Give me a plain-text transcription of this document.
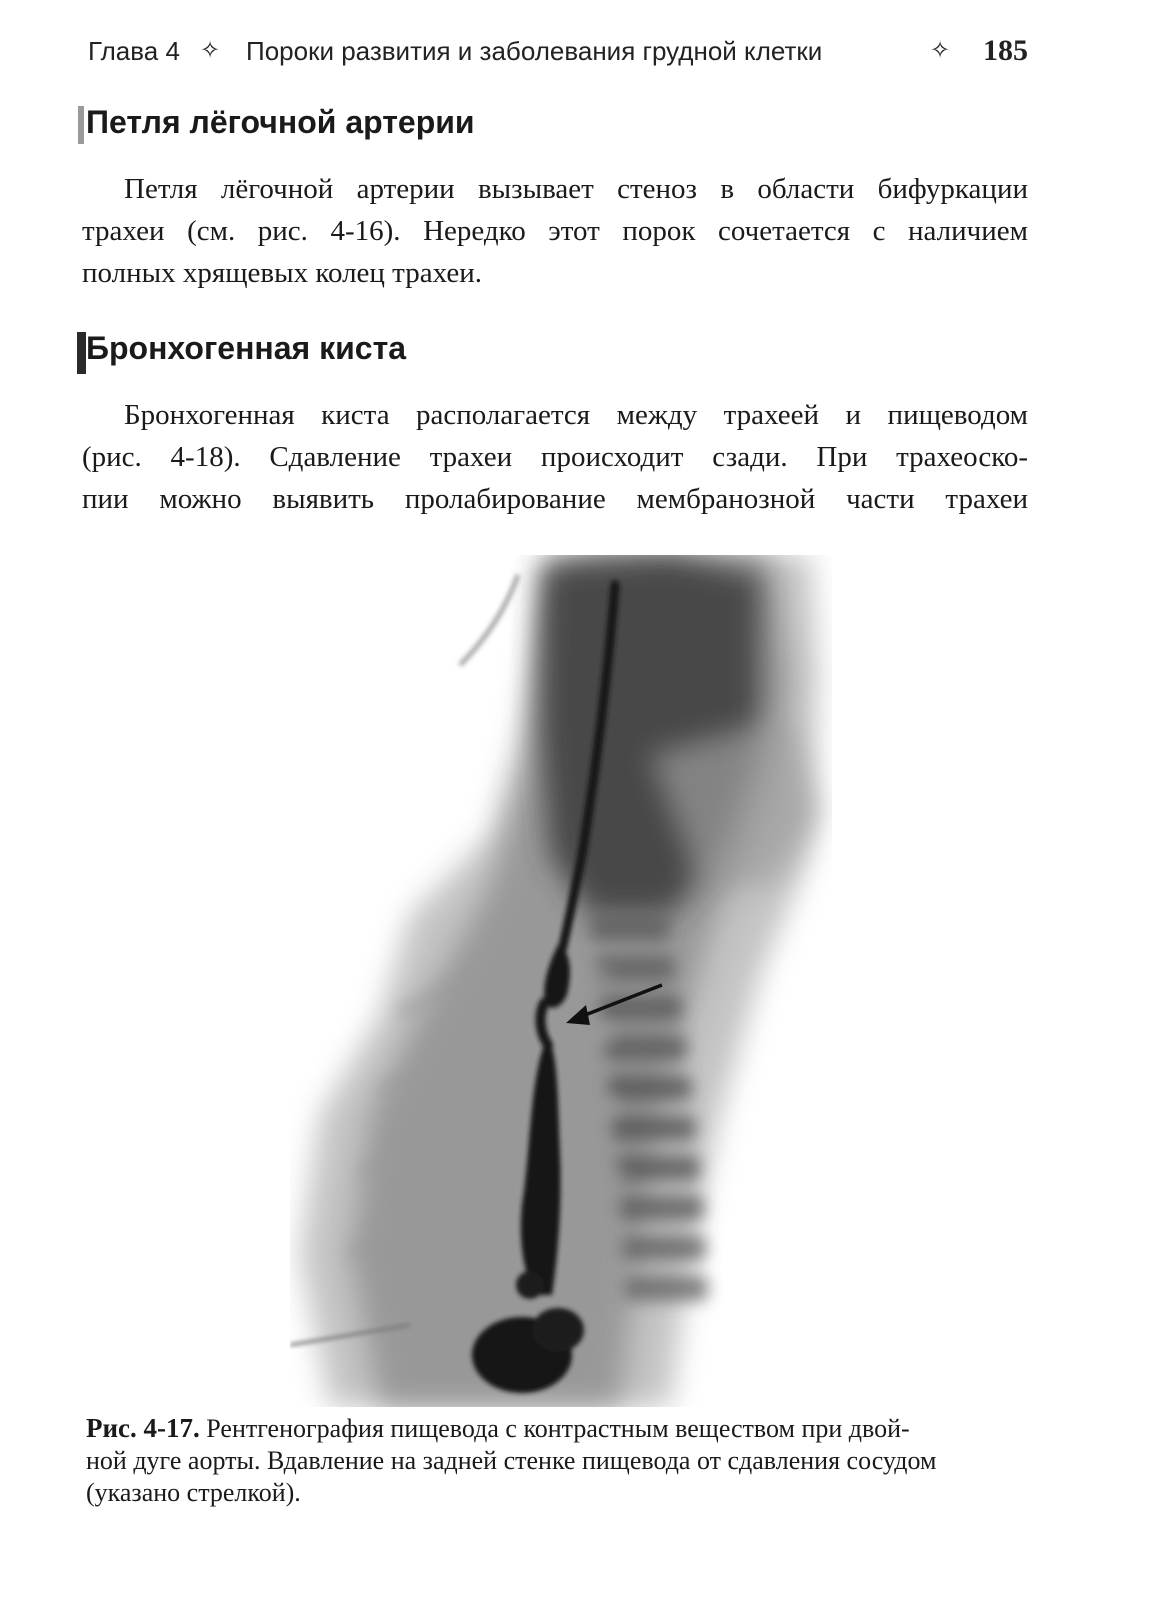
Глава 4 ✧ Пороки развития и заболевания грудной клетки	✧ 185
Петля лёгочной артерии
Петля лёгочной артерии вызывает стеноз в области бифуркации
трахеи (см. рис. 4-16). Нередко этот порок сочетается с наличием
полных хрящевых колец трахеи.
Бронхогенная киста
Бронхогенная киста располагается между трахеей и пищеводом
(рис. 4-18). Сдавление трахеи происходит сзади. При трахеоско-
пии можно выявить пролабирование мембранозной части трахеи
Рис. 4-17. Рентгенография пищевода с контрастным веществом при двой-
ной дуге аорты. Вдавление на задней стенке пищевода от сдавления сосудом
(указано стрелкой).
